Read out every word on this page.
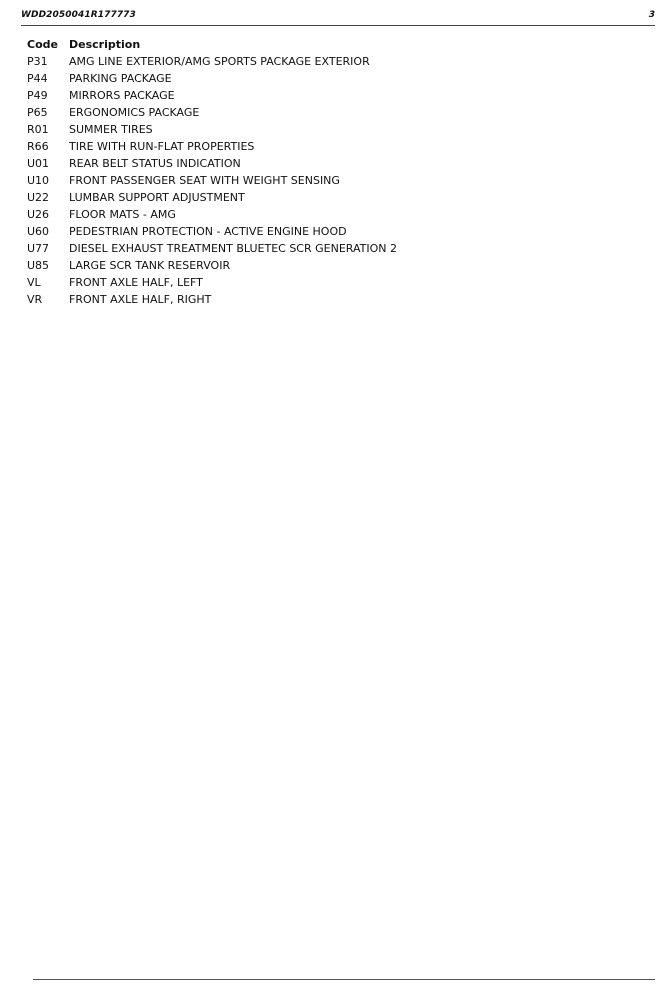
WDD2050041R177773	3
Code	Description
P31	AMG LINE EXTERIOR/AMG SPORTS PACKAGE EXTERIOR
P44	PARKING PACKAGE
P49	MIRRORS PACKAGE
P65	ERGONOMICS PACKAGE
R01	SUMMER TIRES
R66	TIRE WITH RUN-FLAT PROPERTIES
U01	REAR BELT STATUS INDICATION
U10	FRONT PASSENGER SEAT WITH WEIGHT SENSING
U22	LUMBAR SUPPORT ADJUSTMENT
U26	FLOOR MATS - AMG
U60	PEDESTRIAN PROTECTION - ACTIVE ENGINE HOOD
U77	DIESEL EXHAUST TREATMENT BLUETEC SCR GENERATION 2
U85	LARGE SCR TANK RESERVOIR
VL	FRONT AXLE HALF, LEFT
VR	FRONT AXLE HALF, RIGHT
